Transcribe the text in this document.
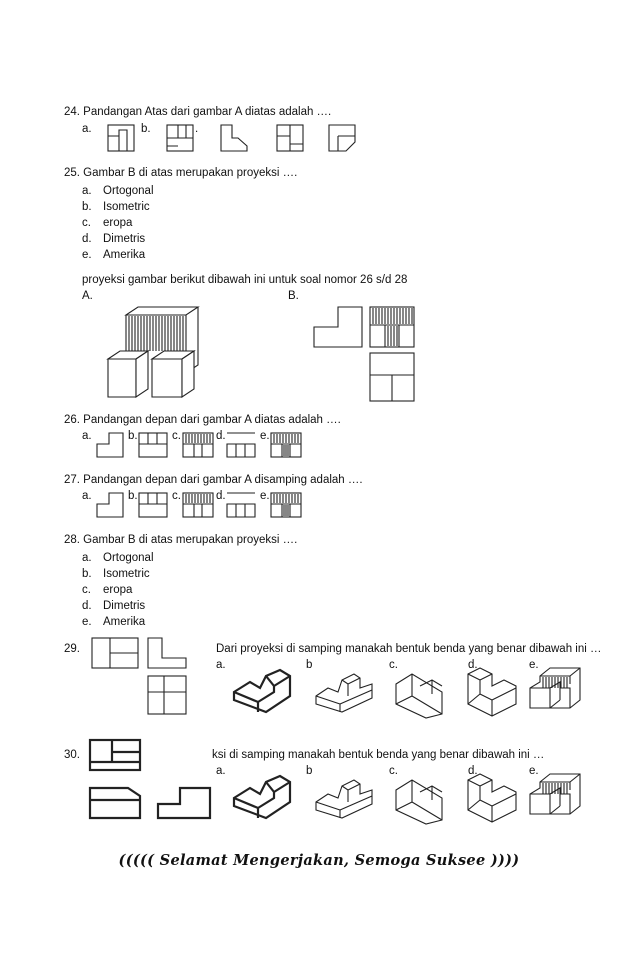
24. Pandangan Atas dari gambar A diatas adalah ….
a.	b.	.
25. Gambar B di atas merupakan proyeksi ….
a. Ortogonal
b. Isometric
c.	eropa
d. Dimetris
e. Amerika
proyeksi gambar berikut dibawah ini untuk soal nomor 26 s/d 28
A.	B.
26. Pandangan depan dari gambar A diatas adalah ….
a.	b.	c.	d.	e.
27. Pandangan depan dari gambar A disamping adalah ….
a.	b.	c.	d.	e.
28. Gambar B di atas merupakan proyeksi ….
a. Ortogonal
b. Isometric
c.	eropa
d. Dimetris
e. Amerika
29.	Dari proyeksi di samping manakah bentuk benda yang benar dibawah ini …
a.	b	c.	d.	e.
30.	ksi di samping manakah bentuk benda yang benar dibawah ini …
a.	b	c.	d.	e.
((((( Selamat Mengerjakan, Semoga Suksee ))))
